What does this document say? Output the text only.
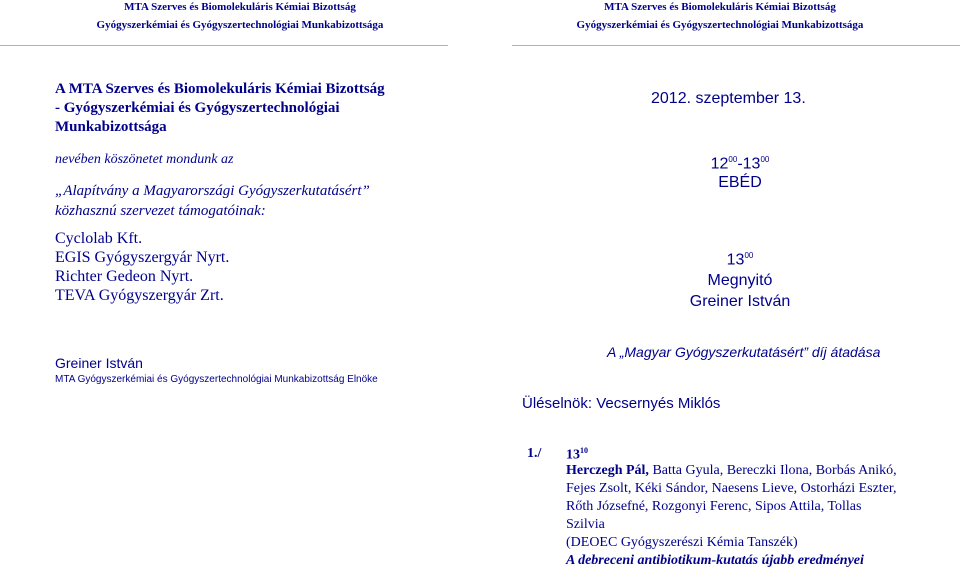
MTA Szerves és Biomolekuláris Kémiai Bizottság
Gyógyszerkémiai és Gyógyszertechnológiai Munkabizottsága
MTA Szerves és Biomolekuláris Kémiai Bizottság
Gyógyszerkémiai és Gyógyszertechnológiai Munkabizottsága
A MTA Szerves és Biomolekuláris Kémiai Bizottság
- Gyógyszerkémiai és Gyógyszertechnológiai
Munkabizottsága
nevében köszönetet mondunk az
„Alapítvány a Magyarországi Gyógyszerkutatásért”
közhasznú szervezet támogatóinak:
Cyclolab Kft.
EGIS Gyógyszergyár Nyrt.
Richter Gedeon Nyrt.
TEVA Gyógyszergyár Zrt.
Greiner István
MTA Gyógyszerkémiai és Gyógyszertechnológiai Munkabizottság Elnöke
2012. szeptember 13.
$12^{00}-13^{00}$
EBÉD
$13^{00}$
Megnyitó
Greiner István
A „Magyar Gyógyszerkutatásért” díj átadása
Üléselnök: Vecsernyés Miklós
1./ $13^{10}$
Herczegh Pál, Batta Gyula, Bereczki Ilona, Borbás Anikó,
Fejes Zsolt, Kéki Sándor, Naesens Lieve, Ostorházi Eszter,
Rőth Józsefné, Rozgonyi Ferenc, Sipos Attila, Tollas
Szilvia
(DEOEC Gyógyszerészi Kémia Tanszék)
A debreceni antibiotikum-kutatás újabb eredményei
